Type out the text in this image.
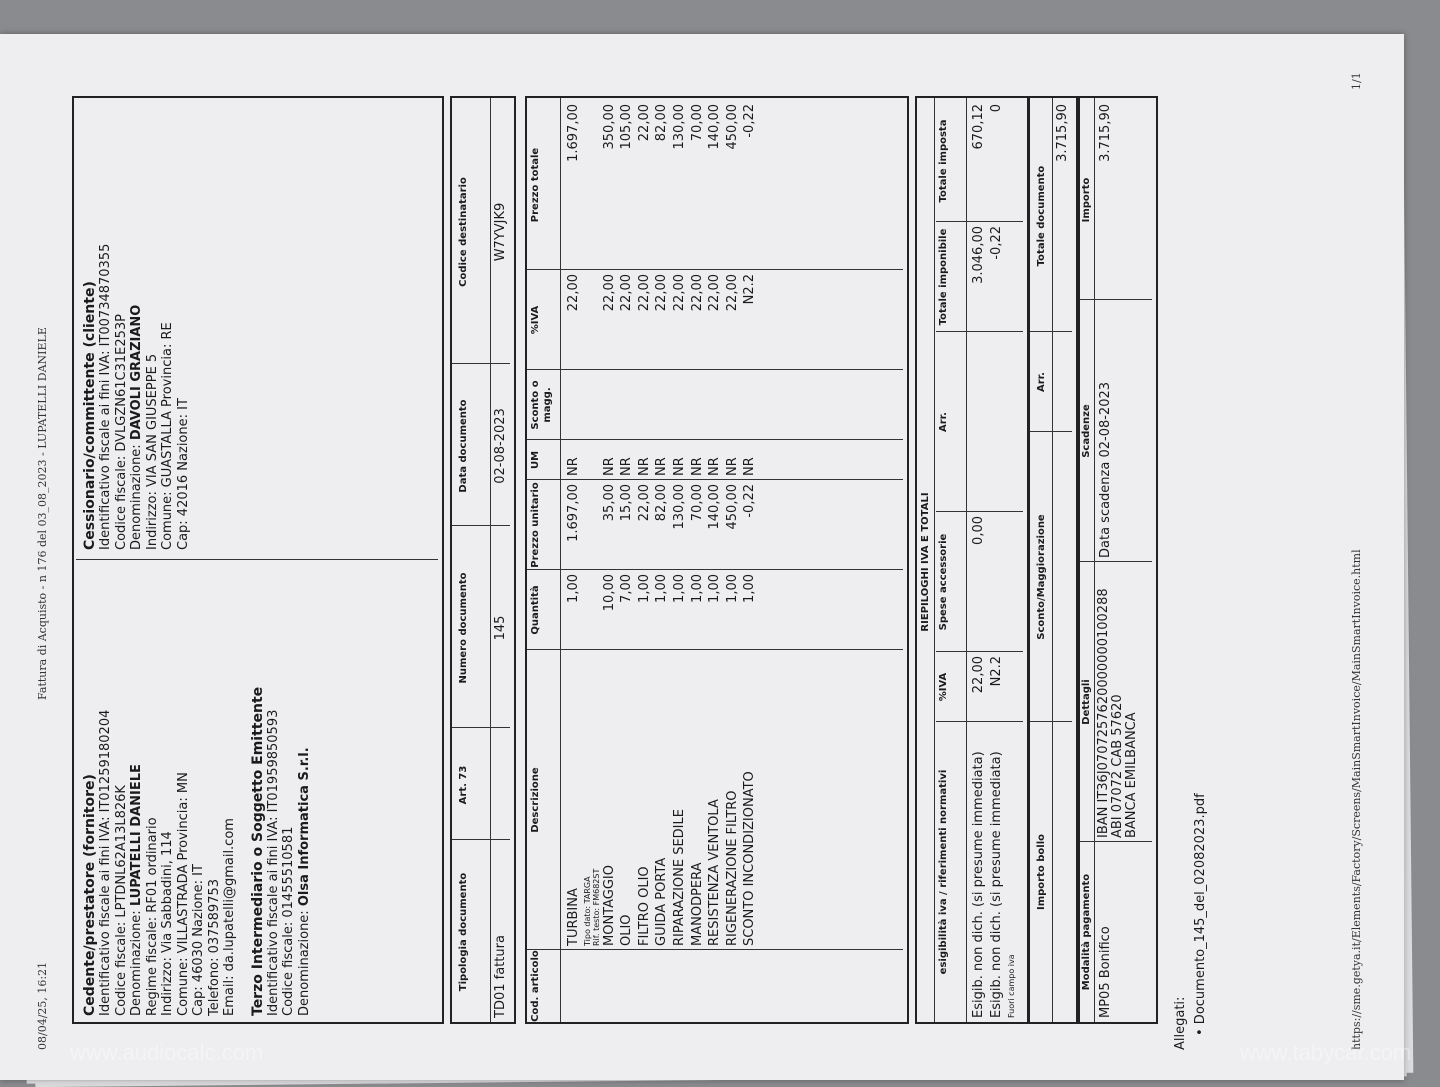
08/04/25, 16:21
Fattura di Acquisto - n 176 del 03_08_2023 - LUPATELLI DANIELE
Cedente/prestatore (fornitore) Identificativo fiscale ai fini IVA: IT01259180204
Codice fiscale: LPTDNL62A13L826K
Denominazione: LUPATELLI DANIELE
Regime fiscale: RF01 ordinario
Indirizzo: Via Sabbadini, 114
Comune: VILLASTRADA Provincia: MN
Cap: 46030 Nazione: IT
Telefono: 037589753
Email: da.lupatelli@gmail.com Terzo Intermediario o Soggetto Emittente Identificativo fiscale ai fini IVA: IT01959850593
Codice fiscale: 01455510581
Denominazione: Olsa Informatica S.r.l.
Cessionario/committente (cliente) Identificativo fiscale ai fini IVA: IT00734870355
Codice fiscale: DVLGZN61C31E253P
Denominazione: DAVOLI GRAZIANO
Indirizzo: VIA SAN GIUSEPPE 5
Comune: GUASTALLA Provincia: RE
Cap: 42016 Nazione: IT
Tipologia documento TD01 fattura
Art. 73
Numero documento 145
Data documento 02-08-2023
Codice destinatario W7YVJK9
Cod. articolo
Descrizione
Quantità
Prezzo unitario
UM
Sconto o magg.
%IVA
Prezzo totale
TURBINA
1,00
1.697,00
NR
22,00
1.697,00
Tipo dato: TARGA Rif. testo: FM682ST MONTAGGIO
10,00
35,00
NR
22,00
350,00
OLIO
7,00
15,00
NR
22,00
105,00
FILTRO OLIO
1,00
22,00
NR
22,00
22,00
GUIDA PORTA
1,00
82,00
NR
22,00
82,00
RIPARAZIONE SEDILE
1,00
130,00
NR
22,00
130,00
MANODPERA
1,00
70,00
NR
22,00
70,00
RESISTENZA VENTOLA
1,00
140,00
NR
22,00
140,00
RIGENERAZIONE FILTRO
1,00
450,00
NR
22,00
450,00
SCONTO INCONDIZIONATO
1,00
-0,22
NR
N2.2
-0,22
RIEPILOGHI IVA E TOTALI
esigibilità iva / riferimenti normativi
%IVA
Spese accessorie
Arr.
Totale imponibile
Totale imposta
Esigib. non dich. (si presume immediata)
22,00
0,00
3.046,00
670,12
Esigib. non dich. (si presume immediata)
N2.2
-0,22
0
Fuori campo iva
Importo bollo
Sconto/Maggiorazione
Arr.
Totale documento
3.715,90
Modalità pagamento
Dettagli
Scadenze
Importo
MP05 Bonifico
IBAN IT36J0707257620000000100288 ABI 07072 CAB 57620 BANCA EMILBANCA
Data scadenza 02-08-2023
3.715,90
Allegati: • Documento_145_del_02082023.pdf	https://sme.getya.it/Elements/Factory/Screens/MainSmartInvoice/MainSmartInvoice.html
1/1
www.audiocalc.com	www.tabycar.com
